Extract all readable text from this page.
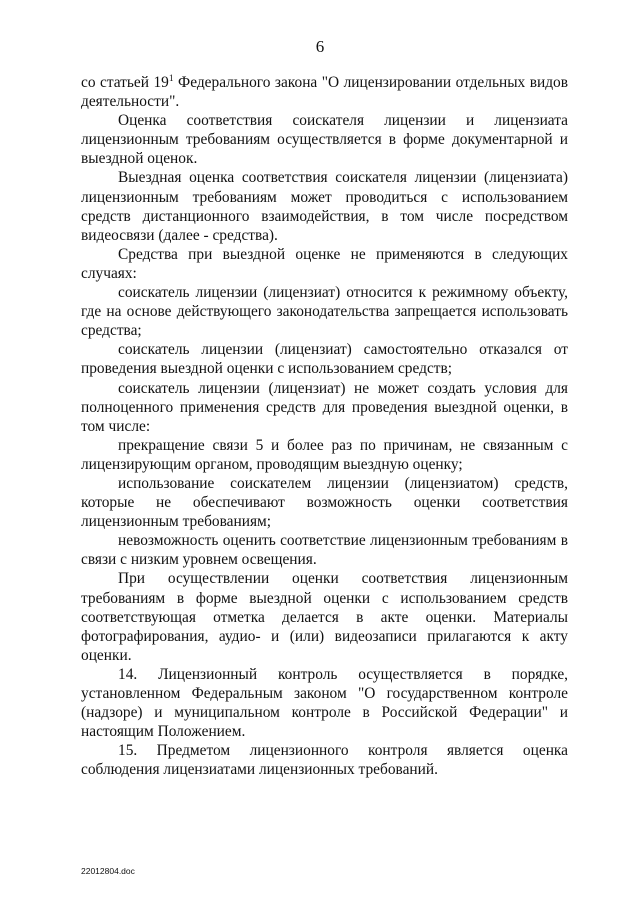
6

со статьей $19^1$ Федерального закона "О лицензировании отдельных видов деятельности".

Оценка соответствия соискателя лицензии и лицензиата лицензионным требованиям осуществляется в форме документарной и выездной оценок.

Выездная оценка соответствия соискателя лицензии (лицензиата) лицензионным требованиям может проводиться с использованием средств дистанционного взаимодействия, в том числе посредством видеосвязи (далее - средства).

Средства при выездной оценке не применяются в следующих случаях:

соискатель лицензии (лицензиат) относится к режимному объекту, где на основе действующего законодательства запрещается использовать средства;

соискатель лицензии (лицензиат) самостоятельно отказался от проведения выездной оценки с использованием средств;

соискатель лицензии (лицензиат) не может создать условия для полноценного применения средств для проведения выездной оценки, в том числе:

прекращение связи 5 и более раз по причинам, не связанным с лицензирующим органом, проводящим выездную оценку;

использование соискателем лицензии (лицензиатом) средств, которые не обеспечивают возможность оценки соответствия лицензионным требованиям;

невозможность оценить соответствие лицензионным требованиям в связи с низким уровнем освещения.

При осуществлении оценки соответствия лицензионным требованиям в форме выездной оценки с использованием средств соответствующая отметка делается в акте оценки. Материалы фотографирования, аудио- и (или) видеозаписи прилагаются к акту оценки.

14. Лицензионный контроль осуществляется в порядке, установленном Федеральным законом "О государственном контроле (надзоре) и муниципальном контроле в Российской Федерации" и настоящим Положением.

15. Предметом лицензионного контроля является оценка соблюдения лицензиатами лицензионных требований.

22012804.doc
